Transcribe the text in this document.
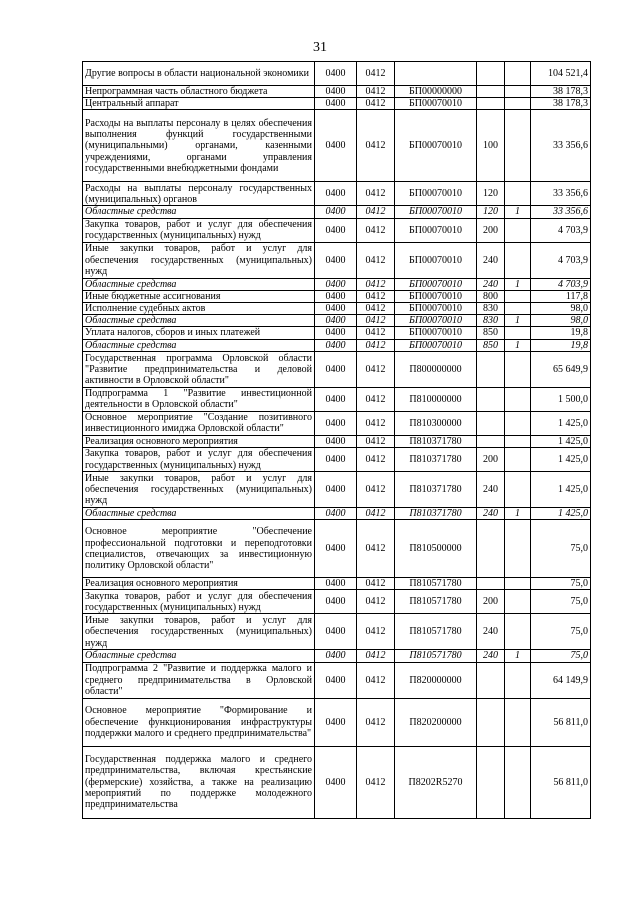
31
Другие вопросы в области национальной экономики	0400	0412				104 521,4
Непрограммная часть областного бюджета	0400	0412	БП00000000			38 178,3
Центральный аппарат	0400	0412	БП00070010			38 178,3
Расходы на выплаты персоналу в целях обеспечения выполнения функций государственными (муниципальными) органами, казенными учреждениями, органами управления государственными внебюджетными фондами	0400	0412	БП00070010	100		33 356,6
Расходы на выплаты персоналу государственных (муниципальных) органов	0400	0412	БП00070010	120		33 356,6
Областные средства	0400	0412	БП00070010	120	1	33 356,6
Закупка товаров, работ и услуг для обеспечения государственных (муниципальных) нужд	0400	0412	БП00070010	200		4 703,9
Иные закупки товаров, работ и услуг для обеспечения государственных (муниципальных) нужд	0400	0412	БП00070010	240		4 703,9
Областные средства	0400	0412	БП00070010	240	1	4 703,9
Иные бюджетные ассигнования	0400	0412	БП00070010	800		117,8
Исполнение судебных актов	0400	0412	БП00070010	830		98,0
Областные средства	0400	0412	БП00070010	830	1	98,0
Уплата налогов, сборов и иных платежей	0400	0412	БП00070010	850		19,8
Областные средства	0400	0412	БП00070010	850	1	19,8
Государственная программа Орловской области "Развитие предпринимательства и деловой активности в Орловской области"	0400	0412	П800000000			65 649,9
Подпрограмма 1 "Развитие инвестиционной деятельности в Орловской области"	0400	0412	П810000000			1 500,0
Основное мероприятие "Создание позитивного инвестиционного имиджа Орловской области"	0400	0412	П810300000			1 425,0
Реализация основного мероприятия	0400	0412	П810371780			1 425,0
Закупка товаров, работ и услуг для обеспечения государственных (муниципальных) нужд	0400	0412	П810371780	200		1 425,0
Иные закупки товаров, работ и услуг для обеспечения государственных (муниципальных) нужд	0400	0412	П810371780	240		1 425,0
Областные средства	0400	0412	П810371780	240	1	1 425,0
Основное мероприятие "Обеспечение профессиональной подготовки и переподготовки специалистов, отвечающих за инвестиционную политику Орловской области"	0400	0412	П810500000			75,0
Реализация основного мероприятия	0400	0412	П810571780			75,0
Закупка товаров, работ и услуг для обеспечения государственных (муниципальных) нужд	0400	0412	П810571780	200		75,0
Иные закупки товаров, работ и услуг для обеспечения государственных (муниципальных) нужд	0400	0412	П810571780	240		75,0
Областные средства	0400	0412	П810571780	240	1	75,0
Подпрограмма 2 "Развитие и поддержка малого и среднего предпринимательства в Орловской области"	0400	0412	П820000000			64 149,9
Основное мероприятие "Формирование и обеспечение функционирования инфраструктуры поддержки малого и среднего предпринимательства"	0400	0412	П820200000			56 811,0
Государственная поддержка малого и среднего предпринимательства, включая крестьянские (фермерские) хозяйства, а также на реализацию мероприятий по поддержке молодежного предпринимательства	0400	0412	П8202R5270			56 811,0
